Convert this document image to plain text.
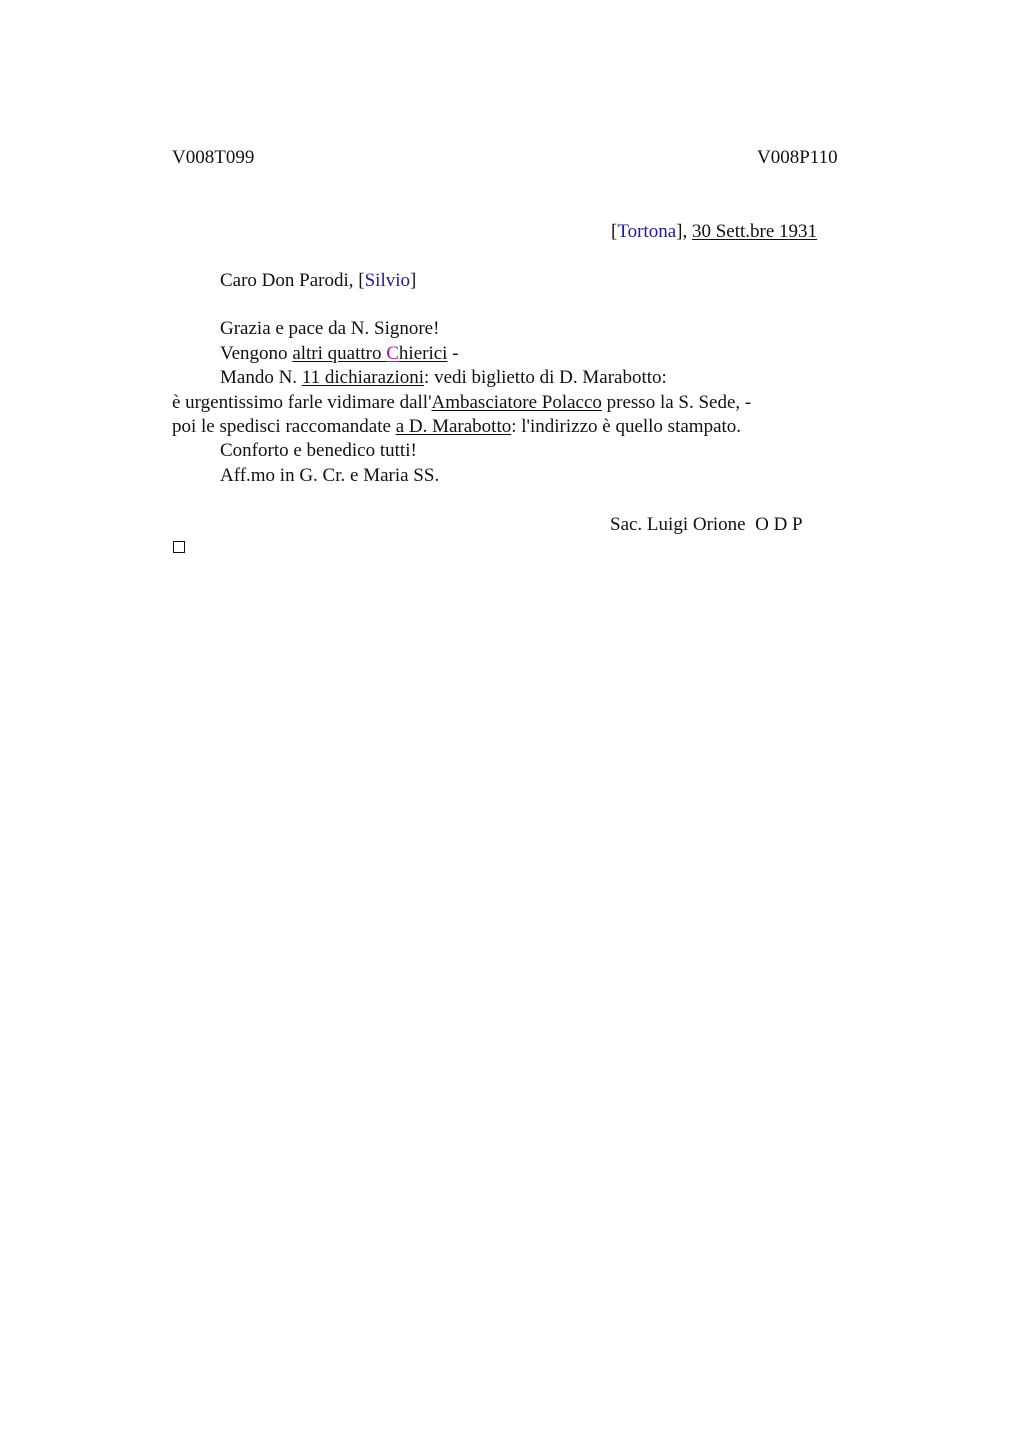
V008T099	V008P110
[Tortona], 30 Sett.bre 1931
Caro Don Parodi, [Silvio]
Grazia e pace da N. Signore!
Vengono altri quattro Chierici -
Mando N. 11 dichiarazioni: vedi biglietto di D. Marabotto:
è urgentissimo farle vidimare dall'Ambasciatore Polacco presso la S. Sede, -
poi le spedisci raccomandate a D. Marabotto: l'indirizzo è quello stampato.
Conforto e benedico tutti!
Aff.mo in G. Cr. e Maria SS.
Sac. Luigi Orione  O D P
